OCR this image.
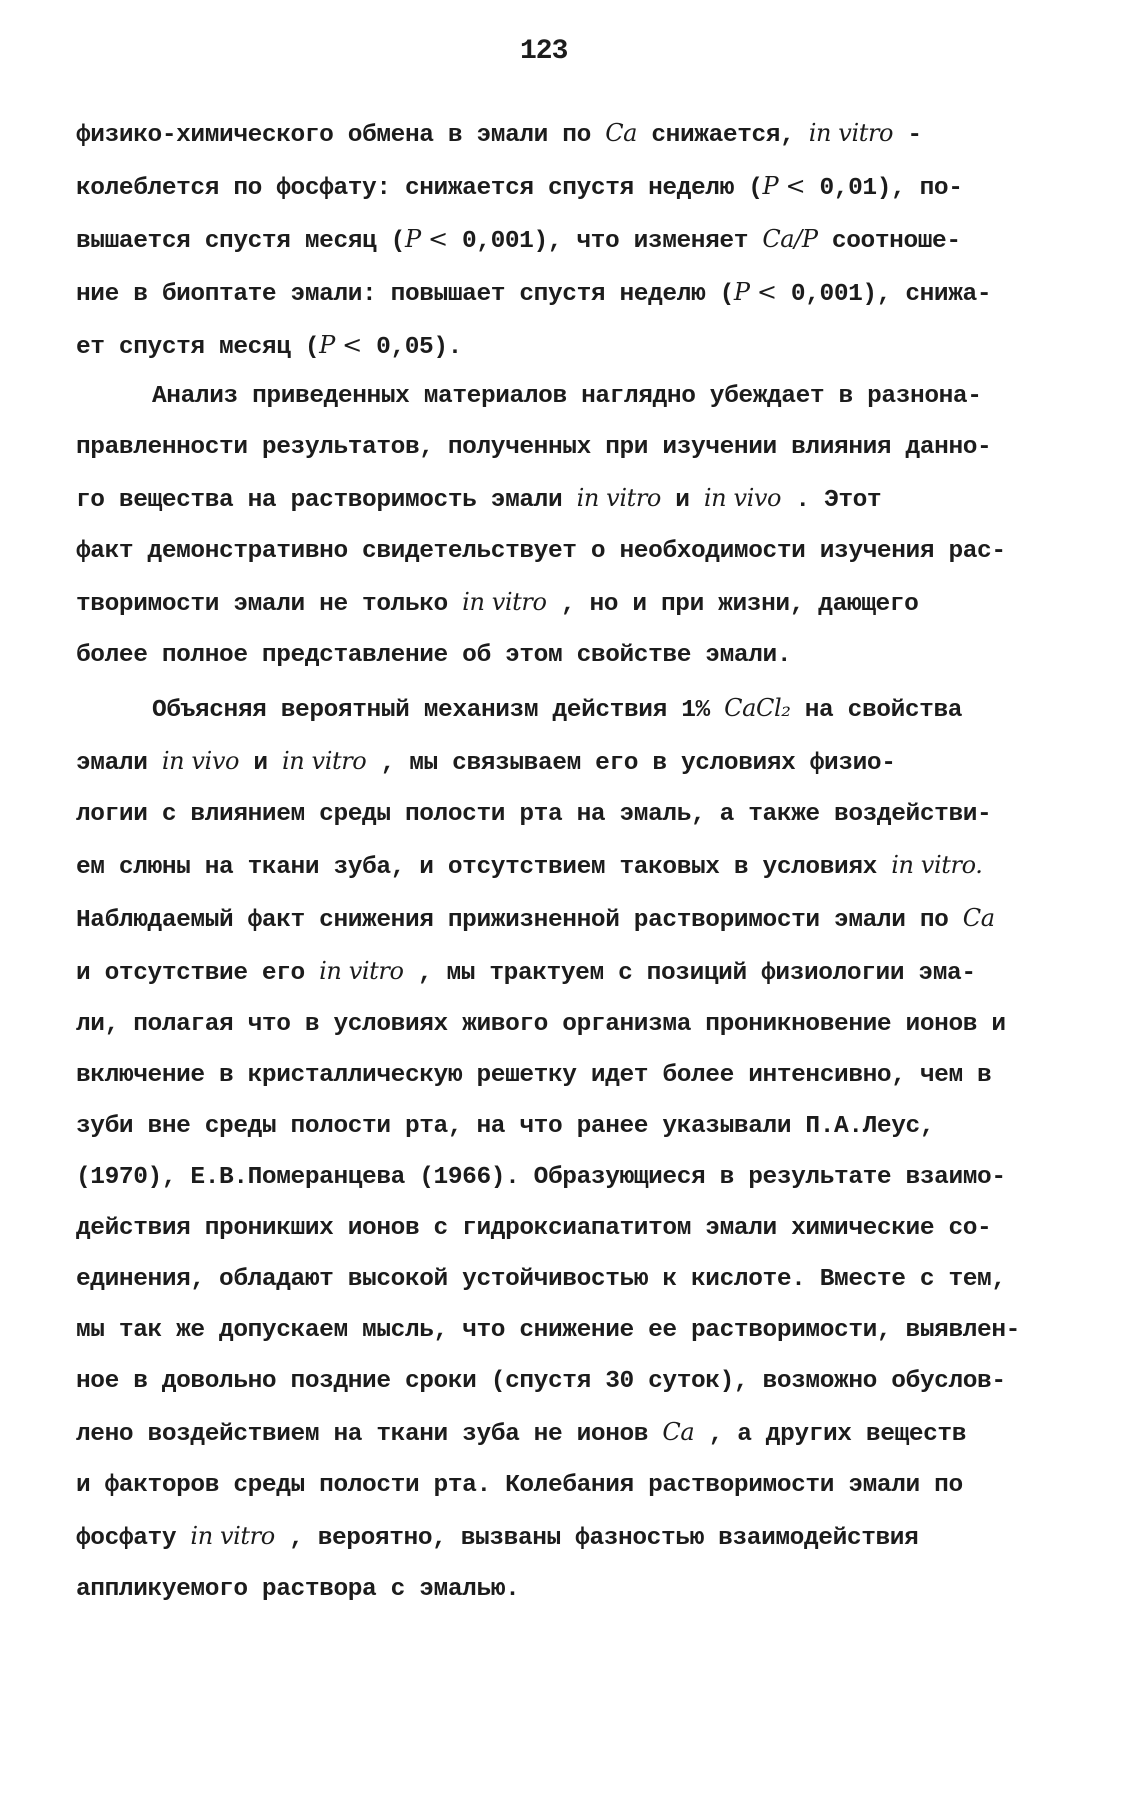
123
физико-химического обмена в эмали по Ca снижается, in vitro -
колеблется по фосфату: снижается спустя неделю (P < 0,01), по-
вышается спустя месяц (P < 0,001), что изменяет Ca/P соотноше-
ние в биоптате эмали: повышает спустя неделю (P < 0,001), снижа-
ет спустя месяц (P < 0,05).
Анализ приведенных материалов наглядно убеждает в разнона-
правленности результатов, полученных при изучении влияния данно-
го вещества на растворимость эмали in vitro и in vivo . Этот
факт демонстративно свидетельствует о необходимости изучения рас-
творимости эмали не только in vitro , но и при жизни, дающего
более полное представление об этом свойстве эмали.
Объясняя вероятный механизм действия 1% CaCl₂ на свойства
эмали in vivo и in vitro , мы связываем его в условиях физио-
логии с влиянием среды полости рта на эмаль, а также воздействи-
ем слюны на ткани зуба, и отсутствием таковых в условиях in vitro.
Наблюдаемый факт снижения прижизненной растворимости эмали по Ca
и отсутствие его in vitro , мы трактуем с позиций физиологии эма-
ли, полагая что в условиях живого организма проникновение ионов и
включение в кристаллическую решетку идет более интенсивно, чем в
зуби вне среды полости рта, на что ранее указывали П.А.Леус,
(1970), Е.В.Померанцева (1966). Образующиеся в результате взаимо-
действия проникших ионов с гидроксиапатитом эмали химические со-
единения, обладают высокой устойчивостью к кислоте. Вместе с тем,
мы так же допускаем мысль, что снижение ее растворимости, выявлен-
ное в довольно поздние сроки (спустя 30 суток), возможно обуслов-
лено воздействием на ткани зуба не ионов Ca , а других веществ
и факторов среды полости рта. Колебания растворимости эмали по
фосфату in vitro , вероятно, вызваны фазностью взаимодействия
аппликуемого раствора с эмалью.
